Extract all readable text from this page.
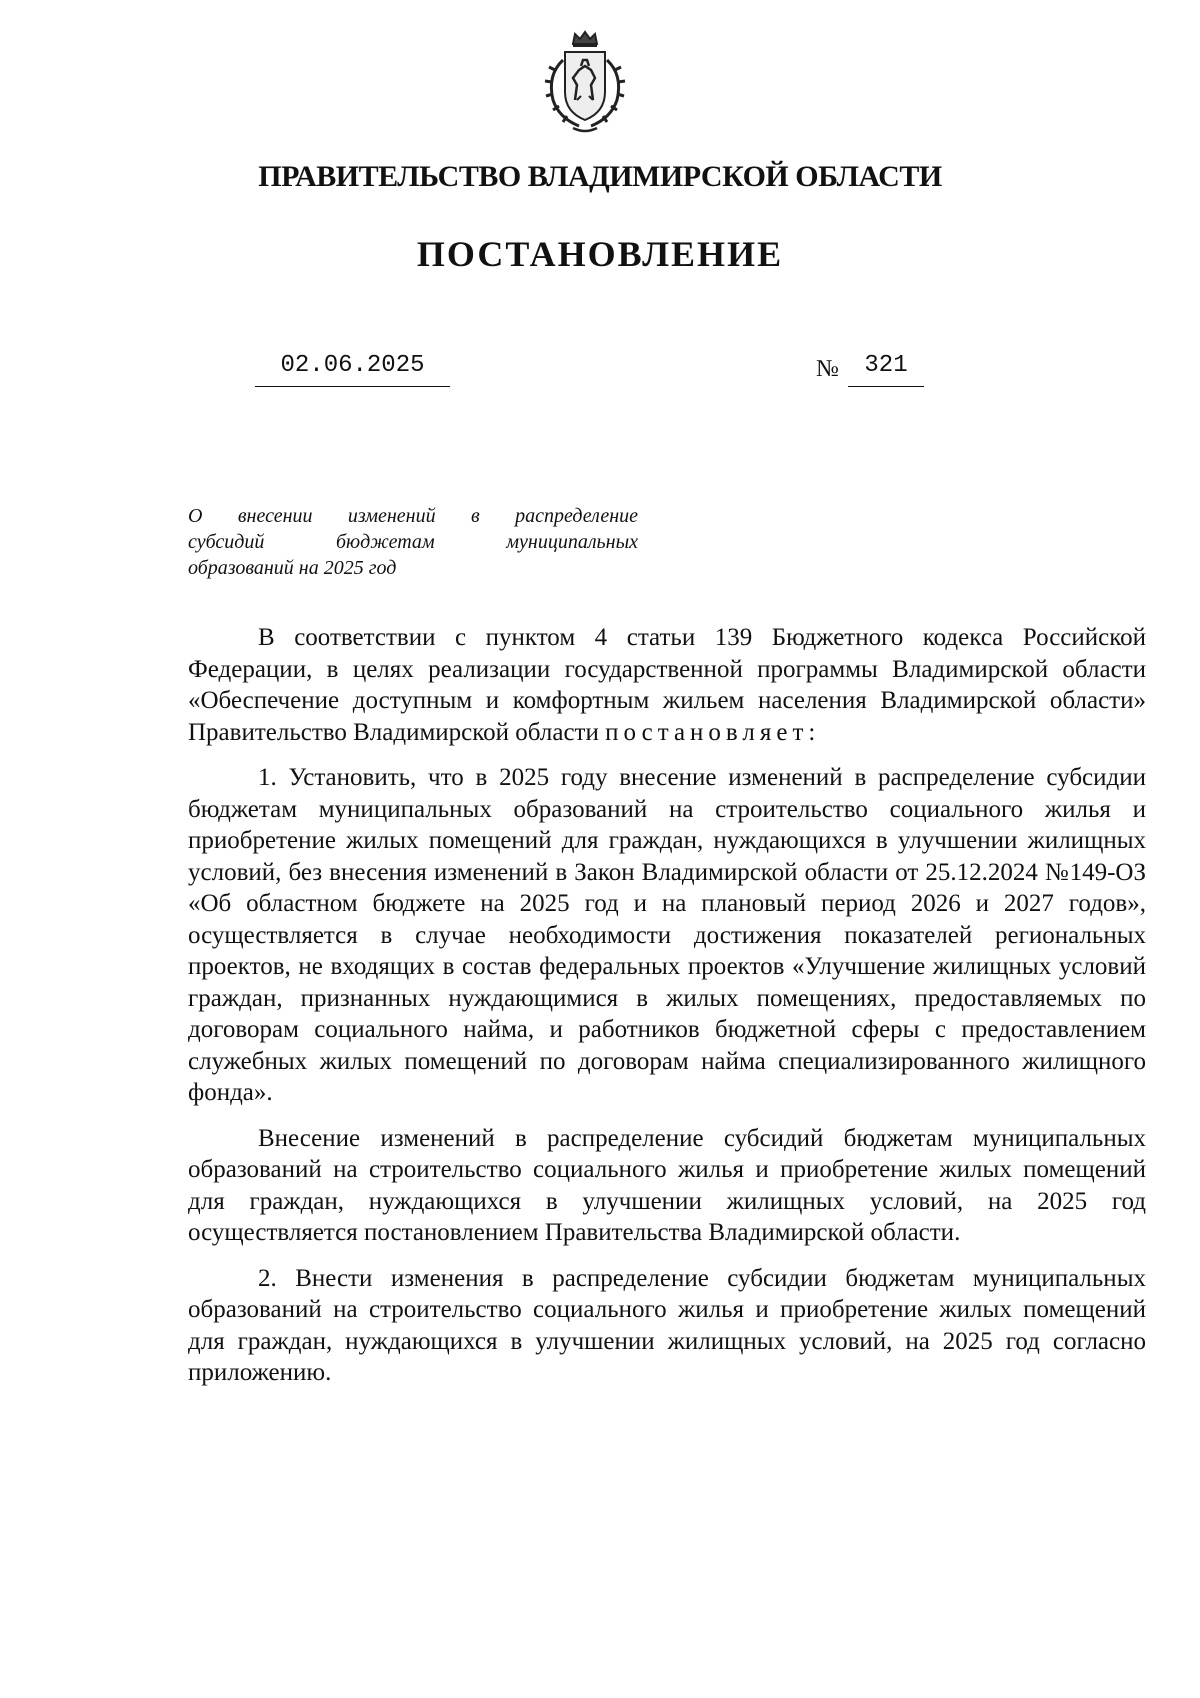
ПРАВИТЕЛЬСТВО ВЛАДИМИРСКОЙ ОБЛАСТИ
ПОСТАНОВЛЕНИЕ
02.06.2025	№	321
О внесении изменений в распределение
субсидий бюджетам муниципальных
образований на 2025 год

В соответствии с пунктом 4 статьи 139 Бюджетного кодекса Российской Федерации, в целях реализации государственной программы Владимирской области «Обеспечение доступным и комфортным жильем населения Владимирской области» Правительство Владимирской области постановляет:

1. Установить, что в 2025 году внесение изменений в распределение субсидии бюджетам муниципальных образований на строительство социального жилья и приобретение жилых помещений для граждан, нуждающихся в улучшении жилищных условий, без внесения изменений в Закон Владимирской области от 25.12.2024 №149-ОЗ «Об областном бюджете на 2025 год и на плановый период 2026 и 2027 годов», осуществляется в случае необходимости достижения показателей региональных проектов, не входящих в состав федеральных проектов «Улучшение жилищных условий граждан, признанных нуждающимися в жилых помещениях, предоставляемых по договорам социального найма, и работников бюджетной сферы с предоставлением служебных жилых помещений по договорам найма специализированного жилищного фонда».

Внесение изменений в распределение субсидий бюджетам муниципальных образований на строительство социального жилья и приобретение жилых помещений для граждан, нуждающихся в улучшении жилищных условий, на 2025 год осуществляется постановлением Правительства Владимирской области.

2. Внести изменения в распределение субсидии бюджетам муниципальных образований на строительство социального жилья и приобретение жилых помещений для граждан, нуждающихся в улучшении жилищных условий, на 2025 год согласно приложению.
